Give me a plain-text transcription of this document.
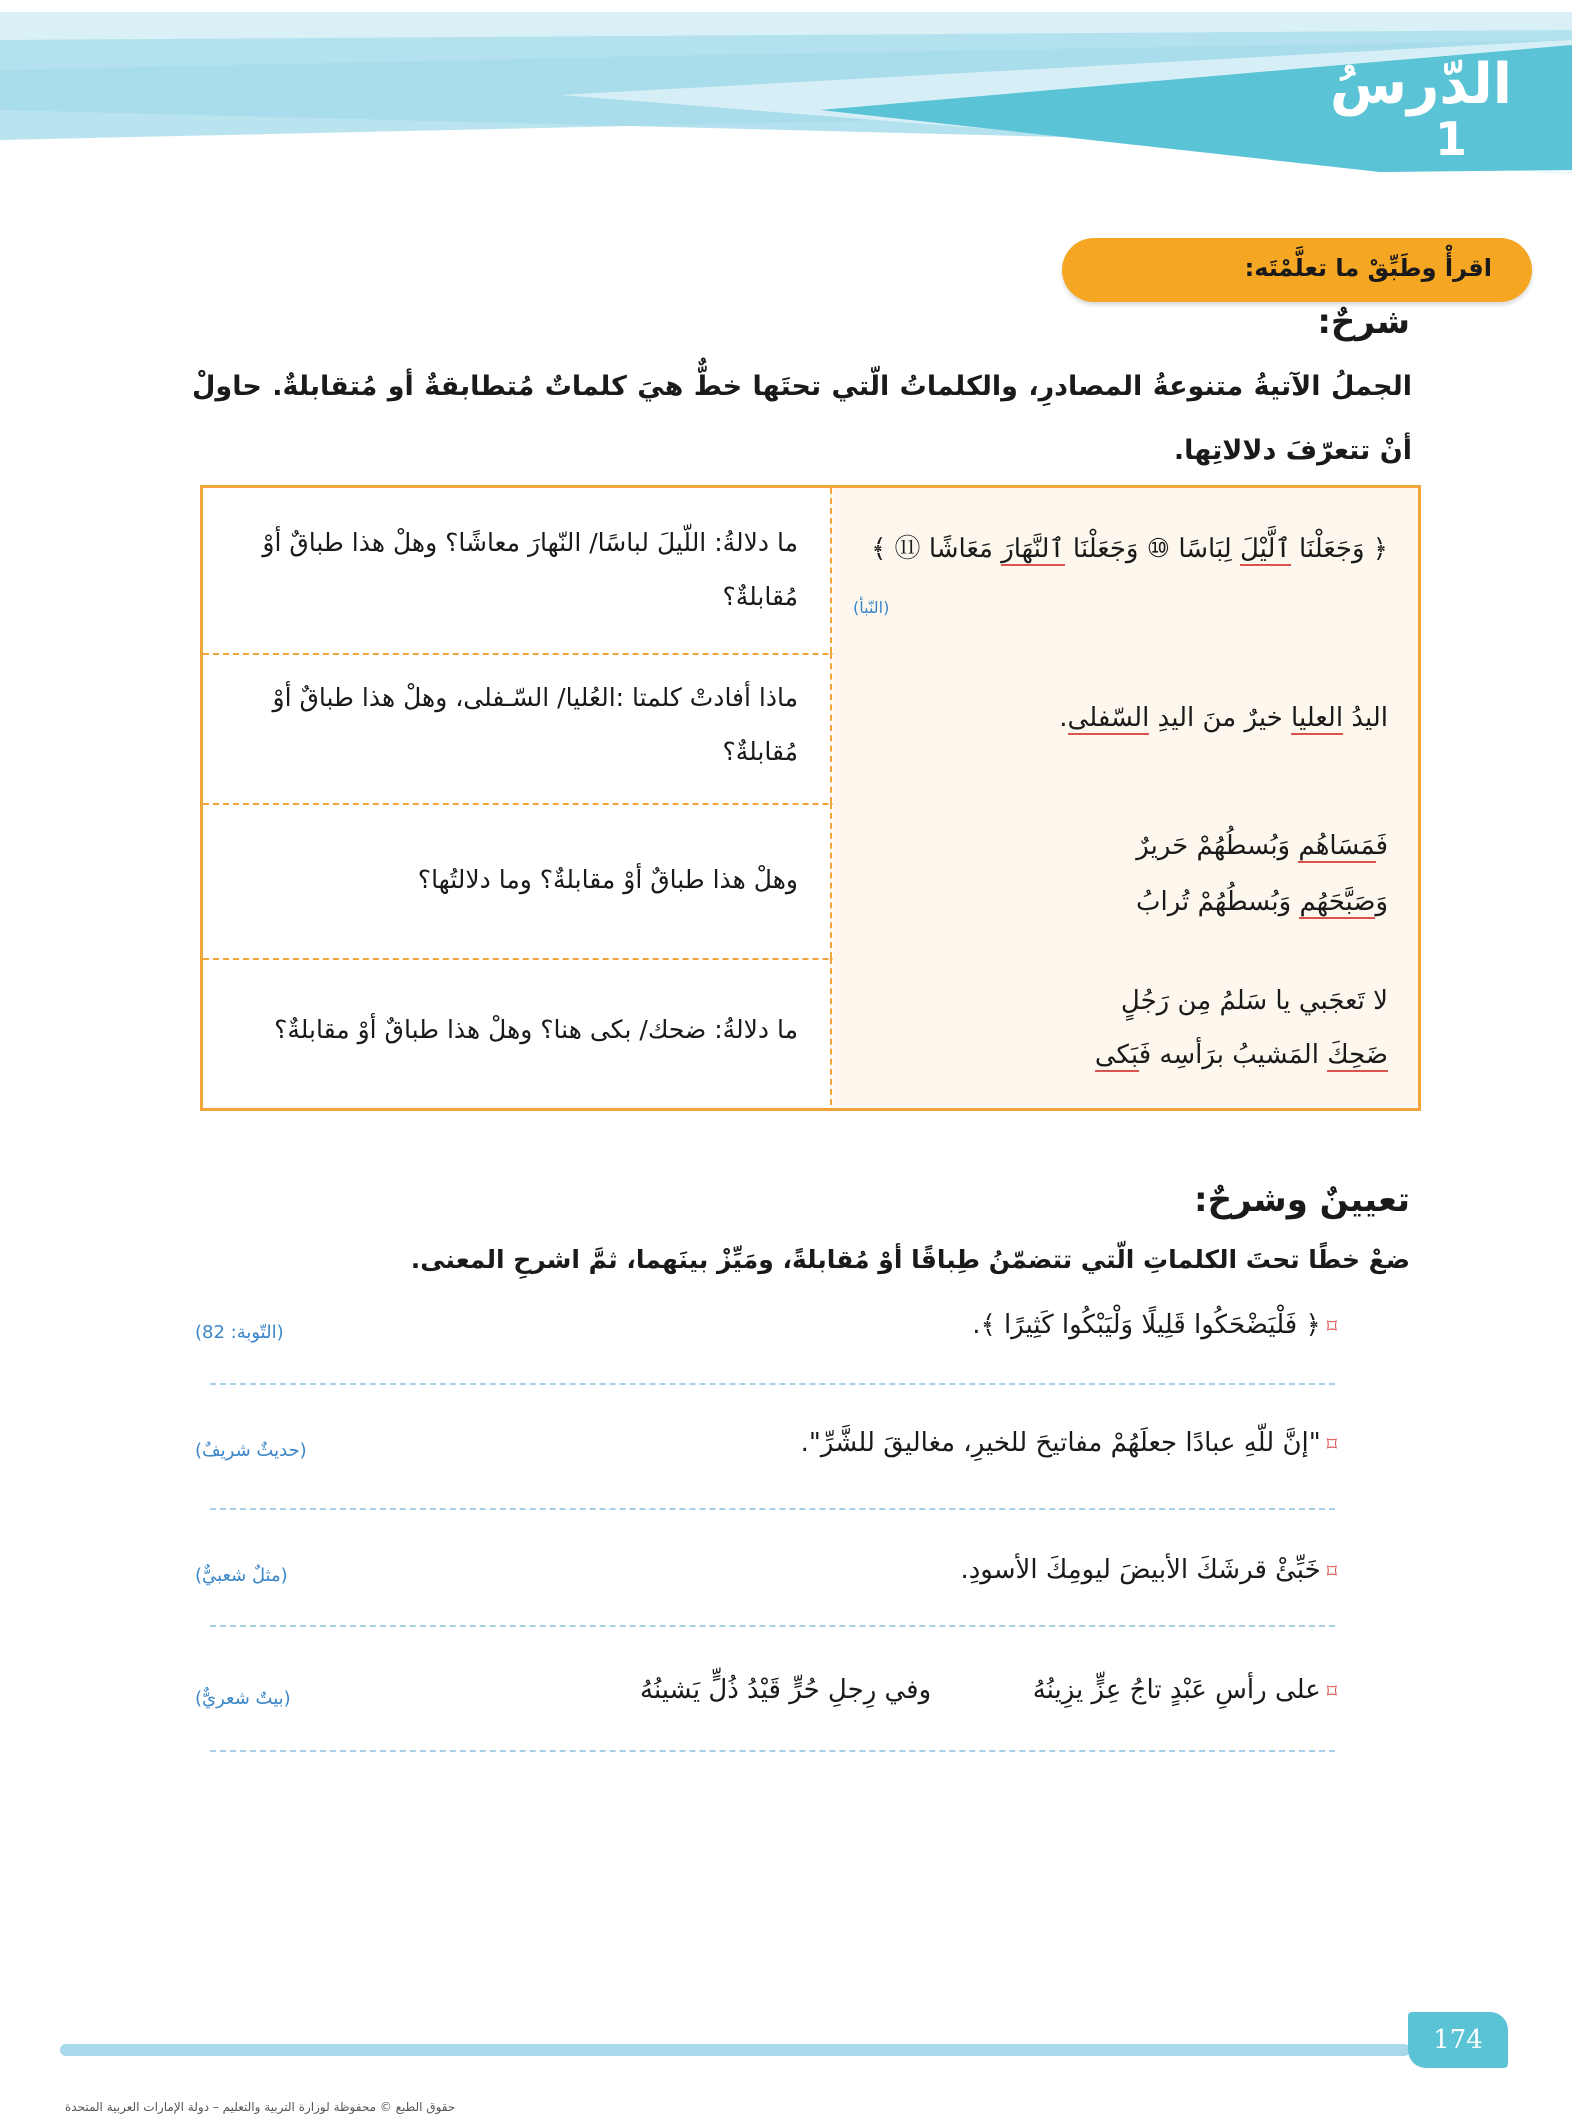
الدّرسُ
1
اقرأْ وطَبِّقْ ما تعلَّمْتَه:
شرحٌ:
الجملُ الآتيةُ متنوعةُ المصادرِ، والكلماتُ الّتي تحتَها خطٌّ هيَ كلماتٌ مُتطابقةٌ أو مُتقابلةٌ. حاولْ أنْ تتعرّفَ دلالاتِها.
﴿ وَجَعَلْنَا ٱلَّيْلَ لِبَاسًا ⑩ وَجَعَلْنَا ٱلنَّهَارَ مَعَاشًا ⑪ ﴾
(النّبأ)
ما دلالةُ: اللّيلَ لباسًا/ النّهارَ معاشًا؟ وهلْ هذا طباقٌ أوْ مُقابلةٌ؟
اليدُ العليا خيرٌ منَ اليدِ السّفلى.
ماذا أفادتْ كلمتا :العُليا/ السّـفلى، وهلْ هذا طباقٌ أوْ مُقابلةٌ؟
فَمَسَاهُم وَبُسطُهُمْ حَريرٌ
وَصَبَّحَهُم وَبُسطُهُمْ تُرابُ
وهلْ هذا طباقٌ أوْ مقابلةٌ؟ وما دلالتُها؟
لا تَعجَبي يا سَلمُ مِن رَجُلٍ
ضَحِكَ المَشيبُ برَأسِه فَبَكى
ما دلالةُ: ضحك/ بكى هنا؟ وهلْ هذا طباقٌ أوْ مقابلةٌ؟
تعيينٌ وشرحٌ:
ضعْ خطًا تحتَ الكلماتِ الّتي تتضمّنُ طِباقًا أوْ مُقابلةً، ومَيِّزْ بينَهما، ثمَّ اشرحِ المعنى.
⌑﴿ فَلْيَضْحَكُوا قَلِيلًا وَلْيَبْكُوا كَثِيرًا ﴾.
(التّوبة: 82)
⌑"إنَّ للّهِ عبادًا جعلَهُمْ مفاتيحَ للخيرِ، مغاليقَ للشَّرِّ".
(حديثٌ شريفٌ)
⌑خَبِّئْ قرشَكَ الأبيضَ ليومِكَ الأسودِ.
(مثلٌ شعبيٌّ)
⌑على رأسِ عَبْدٍ تاجُ عِزٍّ يزِينُهُ
وفي رِجلِ حُرٍّ قَيْدُ ذُلٍّ يَشينُهُ
(بيتٌ شعريٌّ)
174
حقوق الطبع © محفوظة لوزارة التربية والتعليم – دولة الإمارات العربية المتحدة
